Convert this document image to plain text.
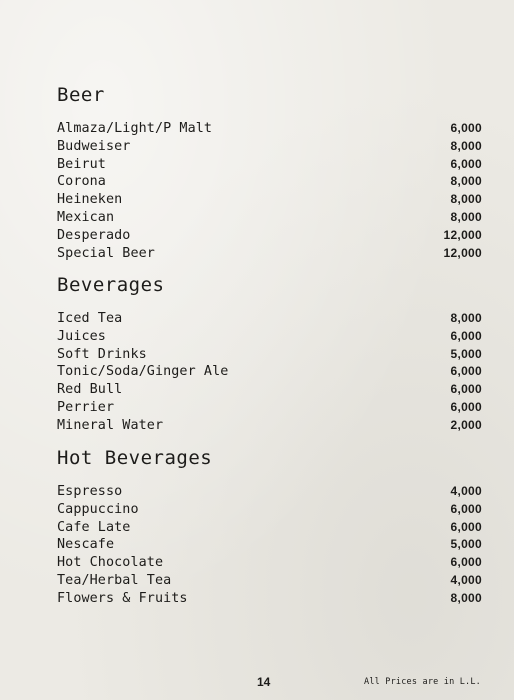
Beer
Almaza/Light/P Malt	6,000
Budweiser	8,000
Beirut	6,000
Corona	8,000
Heineken	8,000
Mexican	8,000
Desperado	12,000
Special Beer	12,000
Beverages
Iced Tea	8,000
Juices	6,000
Soft Drinks	5,000
Tonic/Soda/Ginger Ale	6,000
Red Bull	6,000
Perrier	6,000
Mineral Water	2,000
Hot Beverages
Espresso	4,000
Cappuccino	6,000
Cafe Late	6,000
Nescafe	5,000
Hot Chocolate	6,000
Tea/Herbal Tea	4,000
Flowers & Fruits	8,000
14	All Prices are in L.L.
